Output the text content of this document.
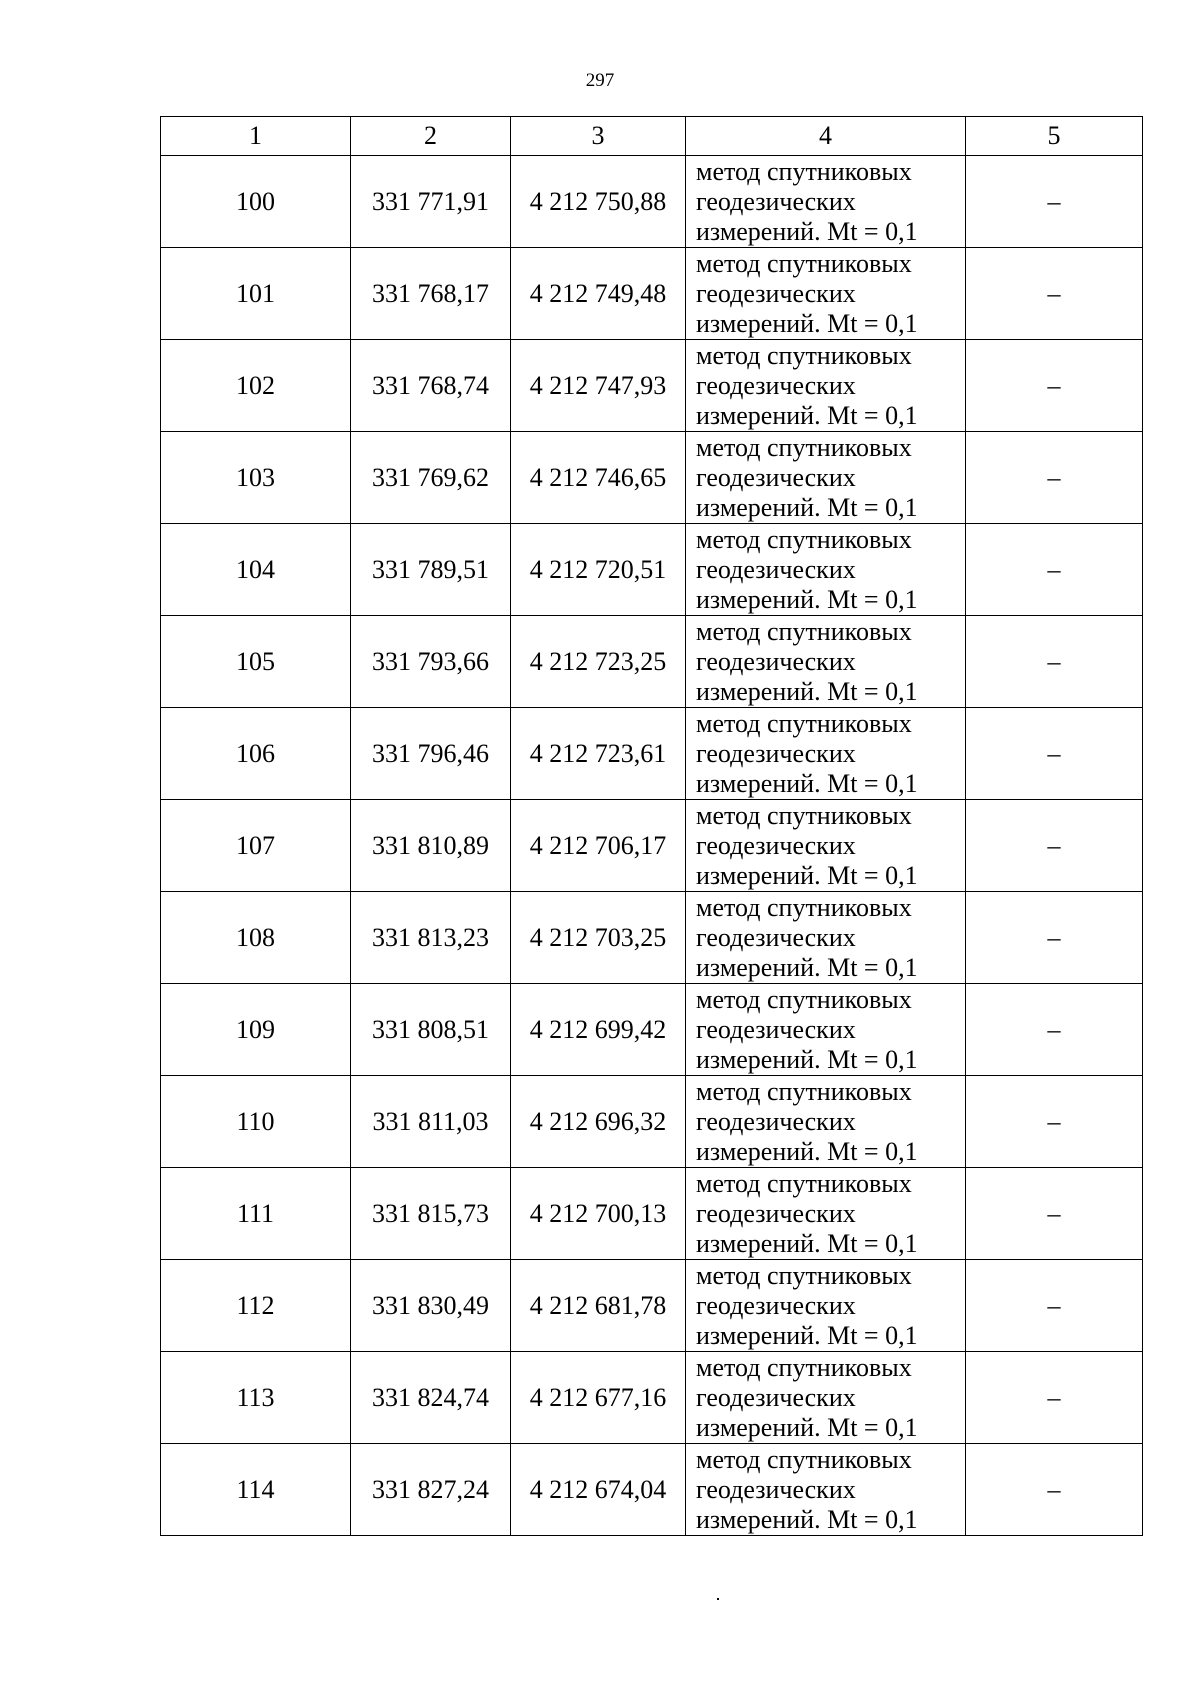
297
1	2	3	4	5
100	331 771,91	4 212 750,88	метод спутниковых
геодезических
измерений. Mt = 0,1	–
101	331 768,17	4 212 749,48	метод спутниковых
геодезических
измерений. Mt = 0,1	–
102	331 768,74	4 212 747,93	метод спутниковых
геодезических
измерений. Mt = 0,1	–
103	331 769,62	4 212 746,65	метод спутниковых
геодезических
измерений. Mt = 0,1	–
104	331 789,51	4 212 720,51	метод спутниковых
геодезических
измерений. Mt = 0,1	–
105	331 793,66	4 212 723,25	метод спутниковых
геодезических
измерений. Mt = 0,1	–
106	331 796,46	4 212 723,61	метод спутниковых
геодезических
измерений. Mt = 0,1	–
107	331 810,89	4 212 706,17	метод спутниковых
геодезических
измерений. Mt = 0,1	–
108	331 813,23	4 212 703,25	метод спутниковых
геодезических
измерений. Mt = 0,1	–
109	331 808,51	4 212 699,42	метод спутниковых
геодезических
измерений. Mt = 0,1	–
110	331 811,03	4 212 696,32	метод спутниковых
геодезических
измерений. Mt = 0,1	–
111	331 815,73	4 212 700,13	метод спутниковых
геодезических
измерений. Mt = 0,1	–
112	331 830,49	4 212 681,78	метод спутниковых
геодезических
измерений. Mt = 0,1	–
113	331 824,74	4 212 677,16	метод спутниковых
геодезических
измерений. Mt = 0,1	–
114	331 827,24	4 212 674,04	метод спутниковых
геодезических
измерений. Mt = 0,1	–
